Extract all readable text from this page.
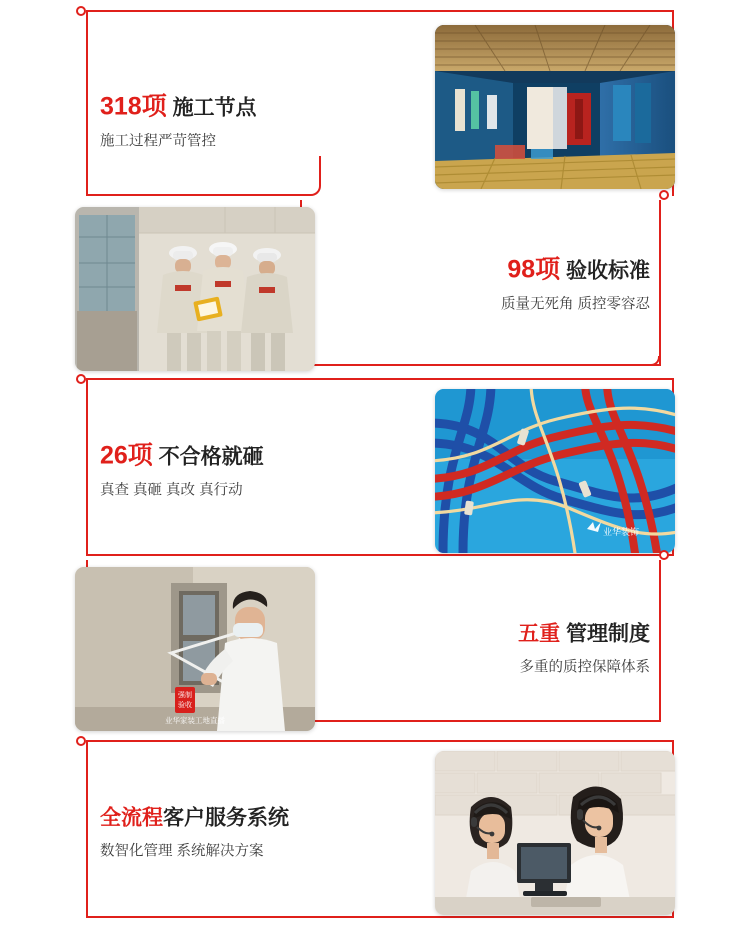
318项 施工节点
施工过程严苛管控
98项 验收标准
质量无死角 质控零容忍
26项 不合格就砸
真查 真砸 真改 真行动
业华装饰
五重 管理制度
多重的质控保障体系
强制
验收
业华家装工地直播
全流程客户服务系统
数智化管理 系统解决方案
